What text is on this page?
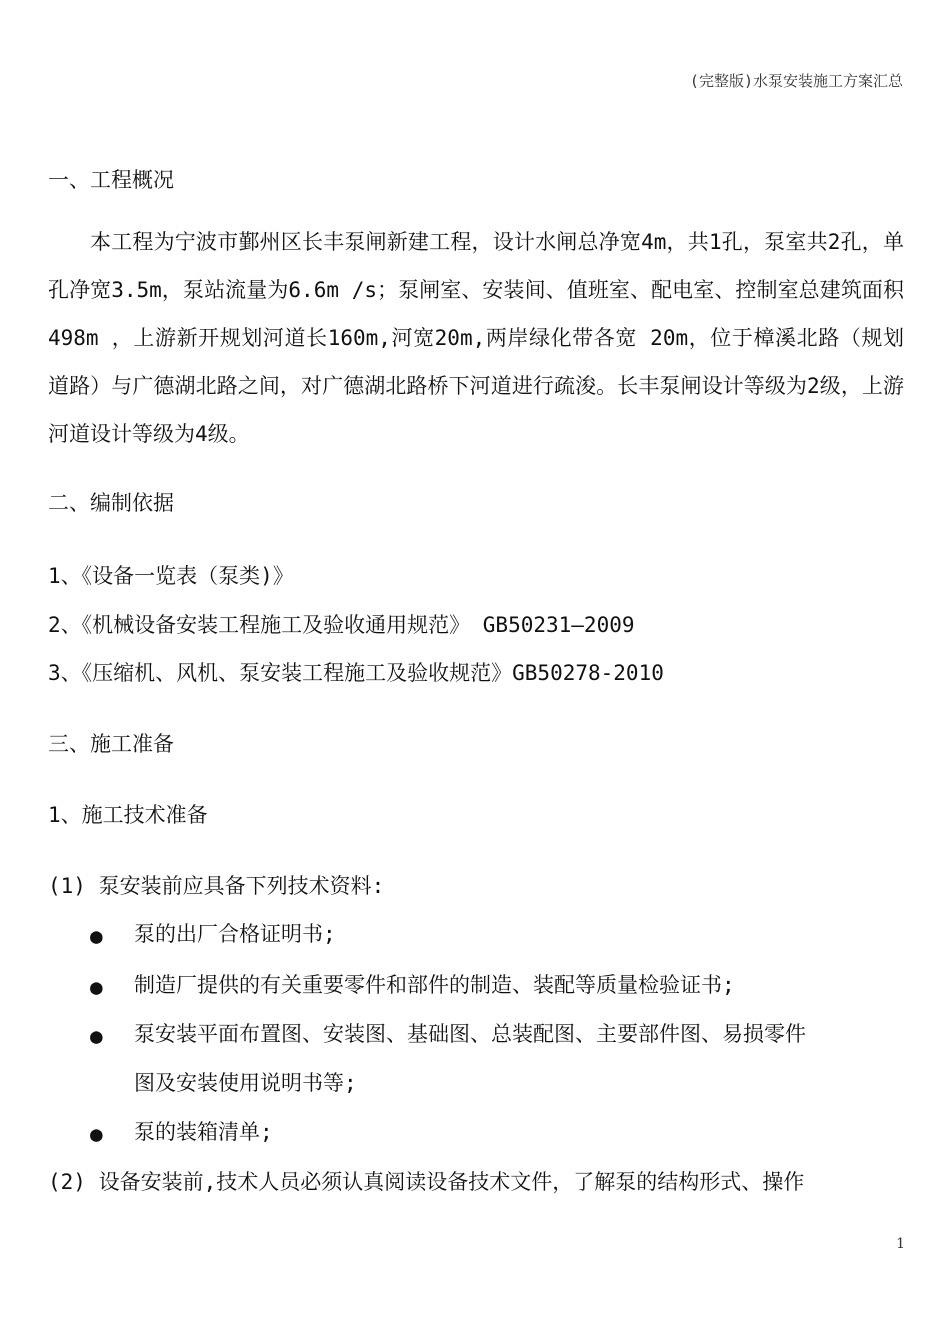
(完整版)水泵安装施工方案汇总
一、工程概况
本工程为宁波市鄞州区长丰泵闸新建工程，设计水闸总净宽4m，共1孔，泵室共2孔，单孔净宽3.5m，泵站流量为6.6m /s；泵闸室、安装间、值班室、配电室、控制室总建筑面积 498m ，上游新开规划河道长160m,河宽20m,两岸绿化带各宽 20m，位于樟溪北路（规划道路）与广德湖北路之间，对广德湖北路桥下河道进行疏浚。长丰泵闸设计等级为2级，上游河道设计等级为4级。
二、编制依据
1、《设备一览表（泵类)》
2、《机械设备安装工程施工及验收通用规范》 GB50231—2009
3、《压缩机、风机、泵安装工程施工及验收规范》GB50278-2010
三、施工准备
1、施工技术准备
(1) 泵安装前应具备下列技术资料:
● 泵的出厂合格证明书;
● 制造厂提供的有关重要零件和部件的制造、装配等质量检验证书;
● 泵安装平面布置图、安装图、基础图、总装配图、主要部件图、易损零件
图及安装使用说明书等;
● 泵的装箱清单;
(2) 设备安装前,技术人员必须认真阅读设备技术文件，了解泵的结构形式、操作
1
